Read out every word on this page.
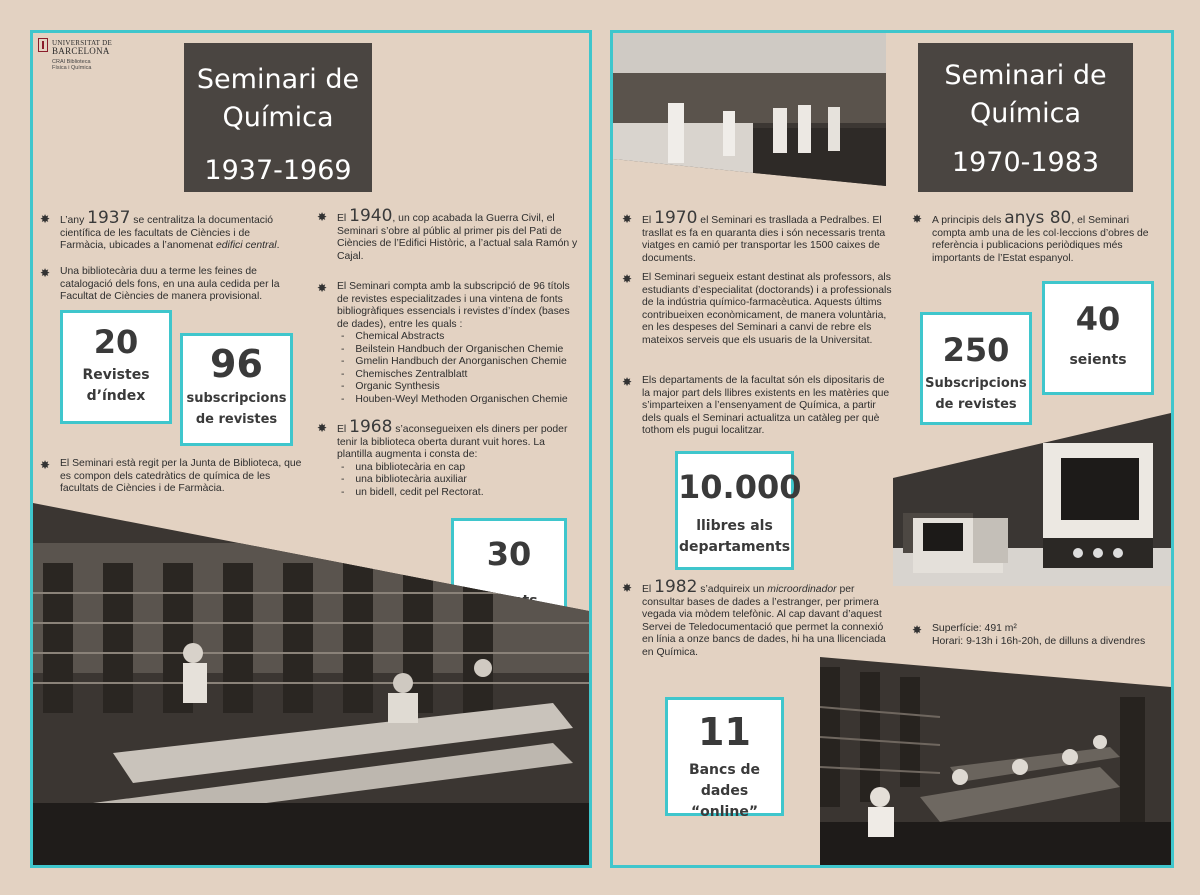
UNIVERSITAT DE
BARCELONA
CRAI Biblioteca
Física i Química	Seminari de
Química
1937-1969
Seminari de
Química
1970-1983
✸ L’any 1937 se centralitza la documentació científica de les facultats de Ciències i de Farmàcia, ubicades a l’anomenat edifici central.
✸ Una bibliotecària duu a terme les feines de catalogació dels fons, en una aula cedida per la Facultat de Ciències de manera provisional.
✸ El Seminari està regit per la Junta de Biblioteca, que es compon dels catedràtics de química de les facultats de Ciències i de Farmàcia.
✸ El 1940, un cop acabada la Guerra Civil, el Seminari s’obre al públic al primer pis del Pati de Ciències de l’Edifici Històric, a l’actual sala Ramón y Cajal.
✸ El Seminari compta amb la subscripció de 96 títols de revistes especialitzades i una vintena de fonts bibliogràfiques essencials i revistes d’índex (bases de dades), entre les quals :
- Chemical Abstracts
- Beilstein Handbuch der Organischen Chemie
- Gmelin Handbuch der Anorganischen Chemie
- Chemisches Zentralblatt
- Organic Synthesis
- Houben-Weyl Methoden Organischen Chemie
✸ El 1968 s’aconsegueixen els diners per poder tenir la biblioteca oberta durant vuit hores. La plantilla augmenta i consta de:
- una bibliotecària en cap
- una bibliotecària auxiliar
- un bidell, cedit pel Rectorat.
20
Revistes
d’índex
96
subscripcions
de revistes
30
✸ El 1970 el Seminari es trasllada a Pedralbes. El trasllat es fa en quaranta dies i són necessaris trenta viatges en camió per transportar les 1500 caixes de documents.
✸ El Seminari segueix estant destinat als professors, als estudiants d’especialitat (doctorands) i a professionals de la indústria químico-farmacèutica. Aquests últims contribueixen econòmicament, de manera voluntària, en les despeses del Seminari a canvi de rebre els mateixos serveis que els usuaris de la Universitat.
✸ Els departaments de la facultat són els dipositaris de la major part dels llibres existents en les matèries que s’imparteixen a l’ensenyament de Química, a partir dels quals el Seminari actualitza un catàleg per què tothom els pugui localitzar.
✸ El 1982 s’adquireix un microordinador per consultar bases de dades a l’estranger, per primera vegada via mòdem telefònic. Al cap davant d’aquest Servei de Teledocumentació que permet la connexió en línia a onze bancs de dades, hi ha una llicenciada en Química.
✸ A principis dels anys 80, el Seminari compta amb una de les col·leccions d’obres de referència i publicacions periòdiques més importants de l’Estat espanyol.
✸ Superfície: 491 m²
Horari: 9-13h i 16h-20h, de dilluns a divendres
250
Subscripcions
de revistes
40
seients
10.000
llibres als
departaments
11
Bancs de dades
“online”
